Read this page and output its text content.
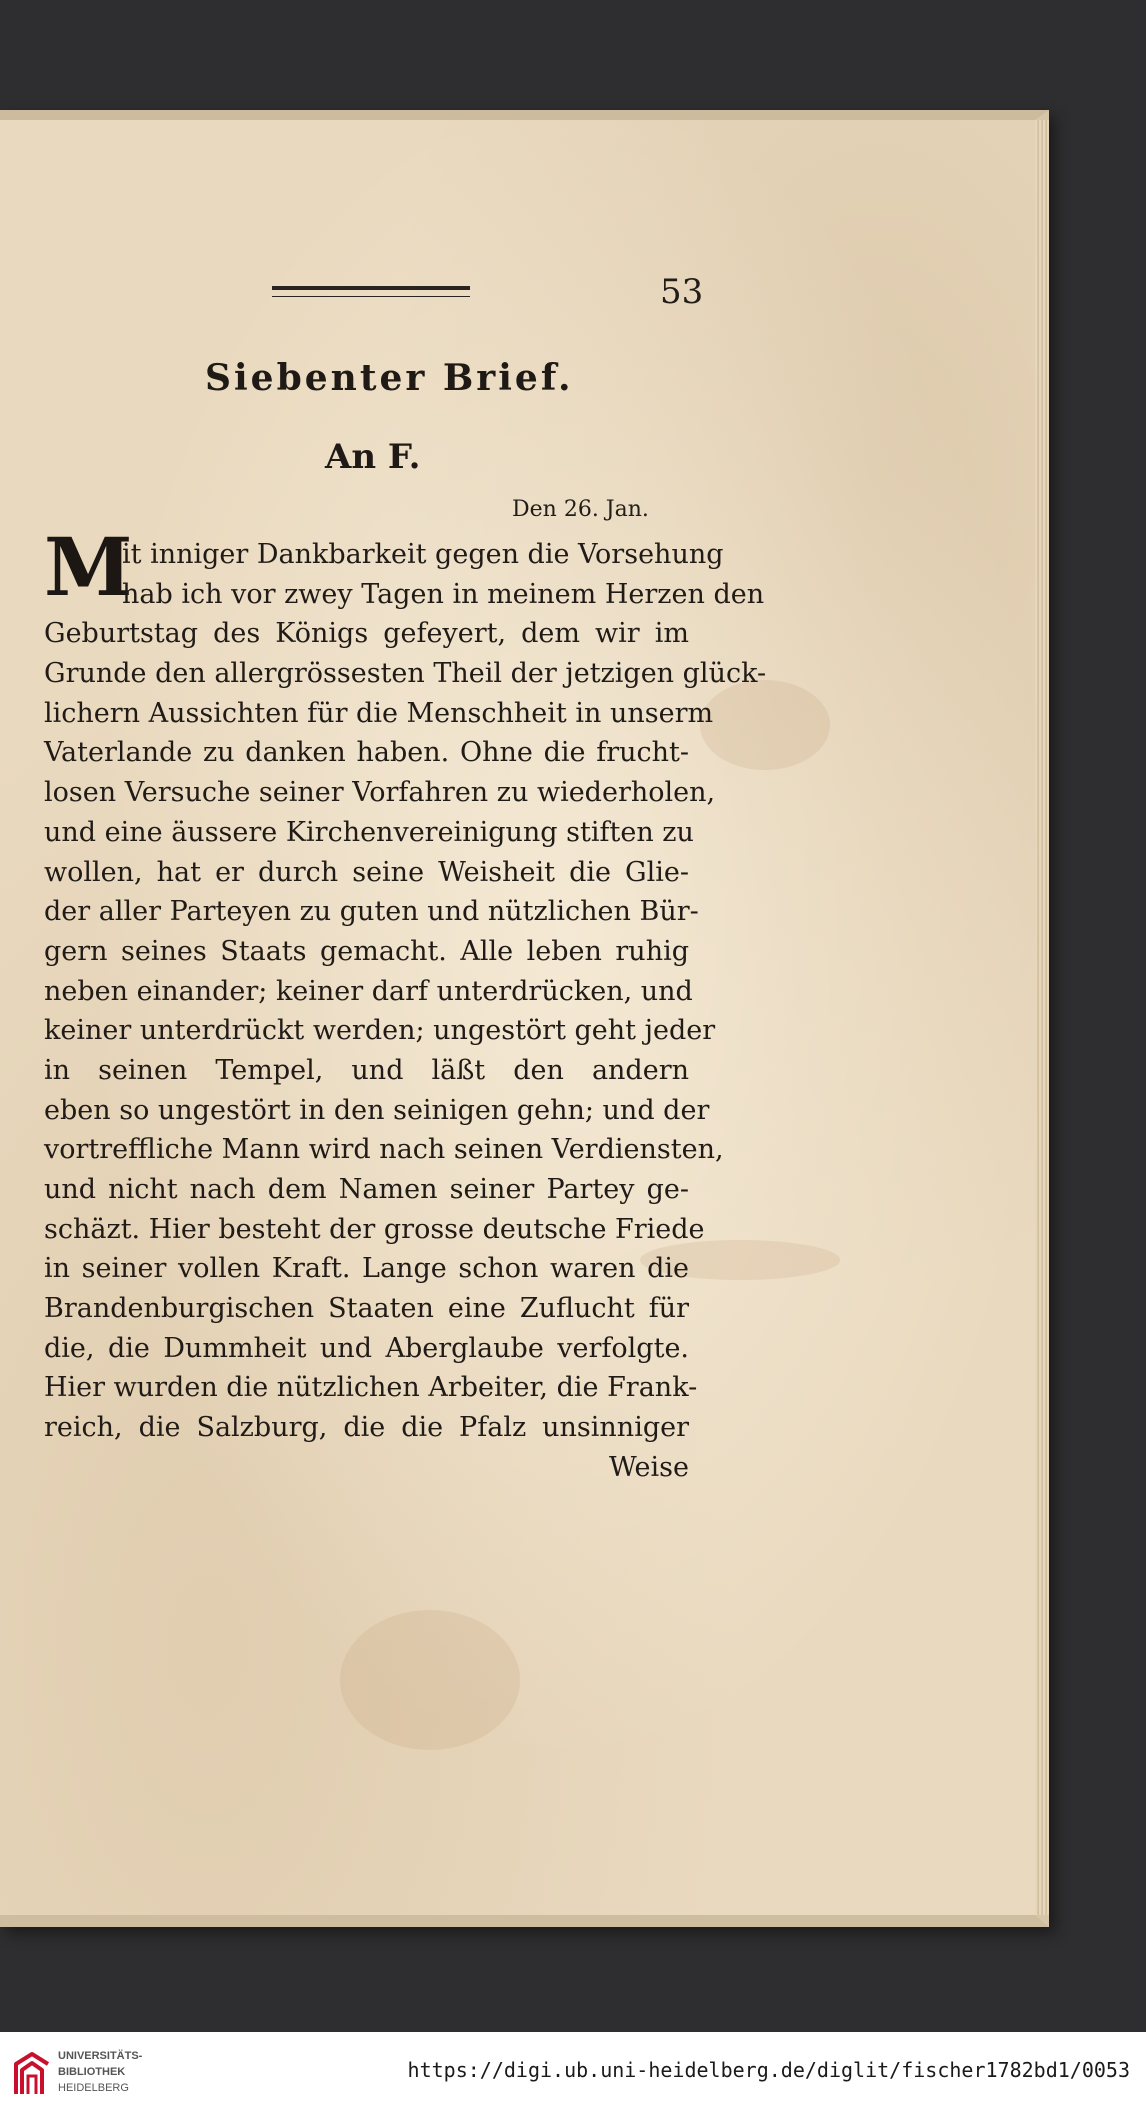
53
Siebenter Brief.
An F.
Den 26. Jan.
M
it inniger Dankbarkeit gegen die Vorsehung
hab ich vor zwey Tagen in meinem Herzen den
Geburtstag des Königs gefeyert, dem wir im
Grunde den allergrössesten Theil der jetzigen glück-
lichern Aussichten für die Menschheit in unserm
Vaterlande zu danken haben. Ohne die frucht-
losen Versuche seiner Vorfahren zu wiederholen,
und eine äussere Kirchenvereinigung stiften zu
wollen, hat er durch seine Weisheit die Glie-
der aller Parteyen zu guten und nützlichen Bür-
gern seines Staats gemacht. Alle leben ruhig
neben einander; keiner darf unterdrücken, und
keiner unterdrückt werden; ungestört geht jeder
in seinen Tempel, und läßt den andern
eben so ungestört in den seinigen gehn; und der
vortreffliche Mann wird nach seinen Verdiensten,
und nicht nach dem Namen seiner Partey ge-
schäzt. Hier besteht der grosse deutsche Friede
in seiner vollen Kraft. Lange schon waren die
Brandenburgischen Staaten eine Zuflucht für
die, die Dummheit und Aberglaube verfolgte.
Hier wurden die nützlichen Arbeiter, die Frank-
reich, die Salzburg, die die Pfalz unsinniger
Weise
UNIVERSITÄTS-
BIBLIOTHEK
HEIDELBERG
https://digi.ub.uni-heidelberg.de/diglit/fischer1782bd1/0053
